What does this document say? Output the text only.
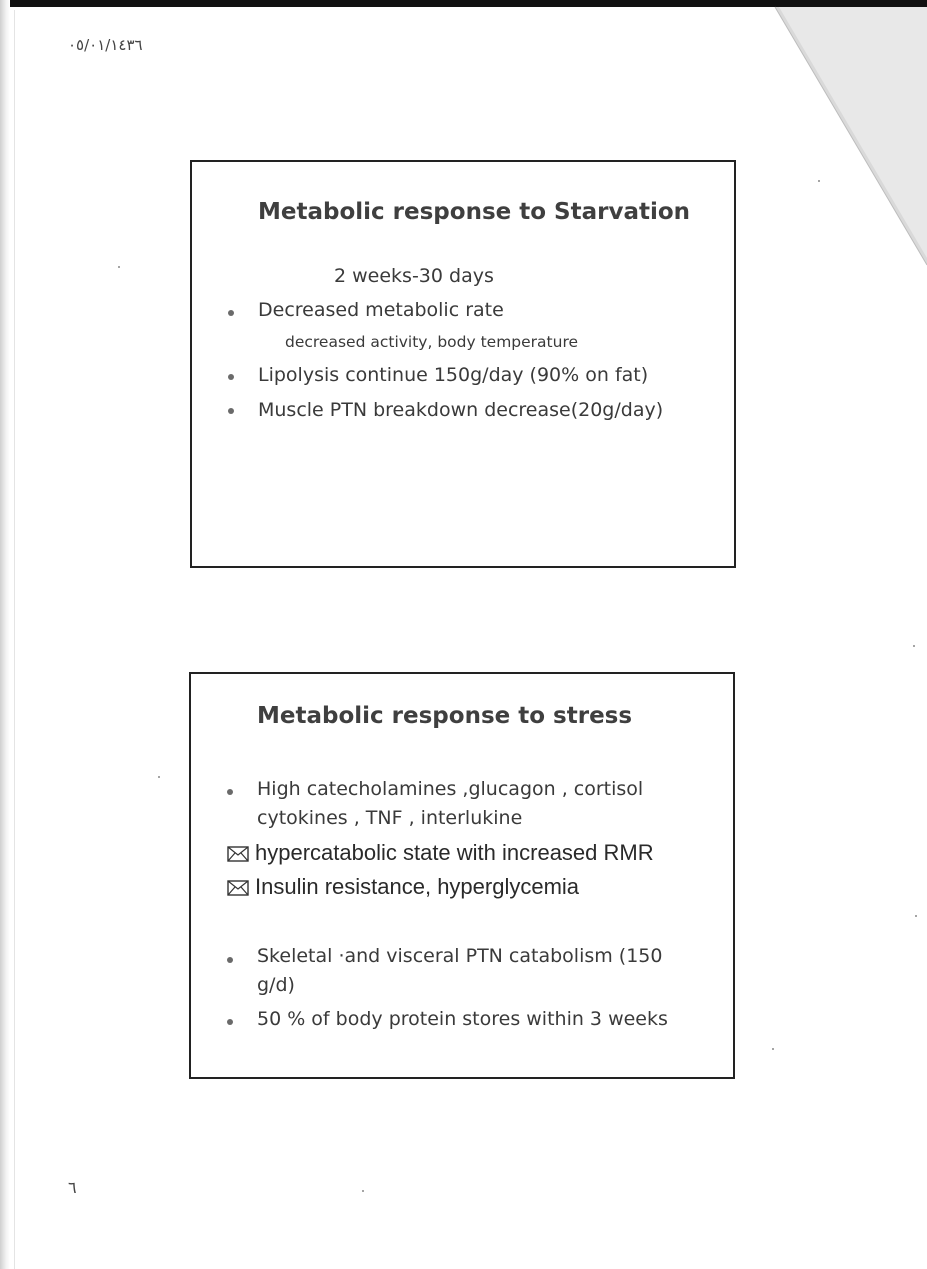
٠٥/٠١/١٤٣٦
Metabolic response to Starvation
2 weeks-30 days
Decreased metabolic rate
decreased activity, body temperature
Lipolysis continue 150g/day (90% on fat)
Muscle PTN breakdown decrease(20g/day)
Metabolic response to stress
High catecholamines ,glucagon , cortisol
cytokines , TNF , interlukine
hypercatabolic state with increased RMR
Insulin resistance, hyperglycemia
Skeletal ·and visceral PTN catabolism (150
g/d)
50 % of body protein stores within 3 weeks
٦
